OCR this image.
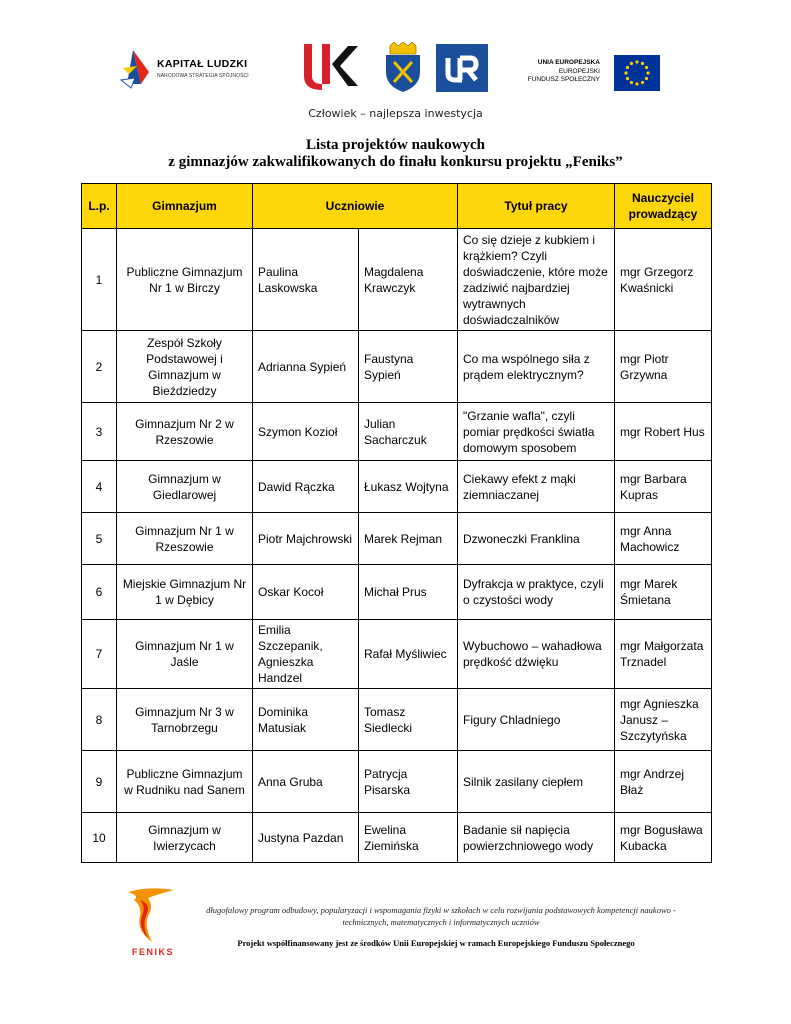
KAPITAŁ LUDZKI
NARODOWA STRATEGIA SPÓJNOŚCI
UNIA EUROPEJSKA
EUROPEJSKI
FUNDUSZ SPOŁECZNY
Człowiek – najlepsza inwestycja
Lista projektów naukowych
z gimnazjów zakwalifikowanych do finału konkursu projektu „Feniks”
L.p.	Gimnazjum	Uczniowie		Tytuł pracy	Nauczyciel prowadzący
1	Publiczne Gimnazjum Nr 1 w Birczy	Paulina Laskowska	Magdalena Krawczyk	Co się dzieje z kubkiem i krążkiem? Czyli doświadczenie, które może zadziwić najbardziej wytrawnych doświadczalników	mgr Grzegorz Kwaśnicki
2	Zespół Szkoły Podstawowej i Gimnazjum w Bieździedzy	Adrianna Sypień	Faustyna Sypień	Co ma wspólnego siła z prądem elektrycznym?	mgr Piotr Grzywna
3	Gimnazjum Nr 2 w Rzeszowie	Szymon Kozioł	Julian Sacharczuk	"Grzanie wafla", czyli pomiar prędkości światła domowym sposobem	mgr Robert Hus
4	Gimnazjum w Giedlarowej	Dawid Rączka	Łukasz Wojtyna	Ciekawy efekt z mąki ziemniaczanej	mgr Barbara Kupras
5	Gimnazjum Nr 1 w Rzeszowie	Piotr Majchrowski	Marek Rejman	Dzwoneczki Franklina	mgr Anna Machowicz
6	Miejskie Gimnazjum Nr 1 w Dębicy	Oskar Kocoł	Michał Prus	Dyfrakcja w praktyce, czyli o czystości wody	mgr Marek Śmietana
7	Gimnazjum Nr 1 w Jaśle	Emilia Szczepanik, Agnieszka Handzel	Rafał Myśliwiec	Wybuchowo – wahadłowa prędkość dźwięku	mgr Małgorzata Trznadel
8	Gimnazjum Nr 3 w Tarnobrzegu	Dominika Matusiak	Tomasz Siedlecki	Figury Chladniego	mgr Agnieszka Janusz – Szczytyńska
9	Publiczne Gimnazjum w Rudniku nad Sanem	Anna Gruba	Patrycja Pisarska	Silnik zasilany ciepłem	mgr Andrzej Błaż
10	Gimnazjum w Iwierzycach	Justyna Pazdan	Ewelina Ziemińska	Badanie sił napięcia powierzchniowego wody	mgr Bogusława Kubacka
FENIKS
długofalowy program odbudowy, popularyzacji i wspomagania fizyki w szkołach w celu rozwijania podstawowych kompetencji naukowo - technicznych, matematycznych i informatycznych uczniów
Projekt współfinansowany jest ze środków Unii Europejskiej w ramach Europejskiego Funduszu Społecznego
